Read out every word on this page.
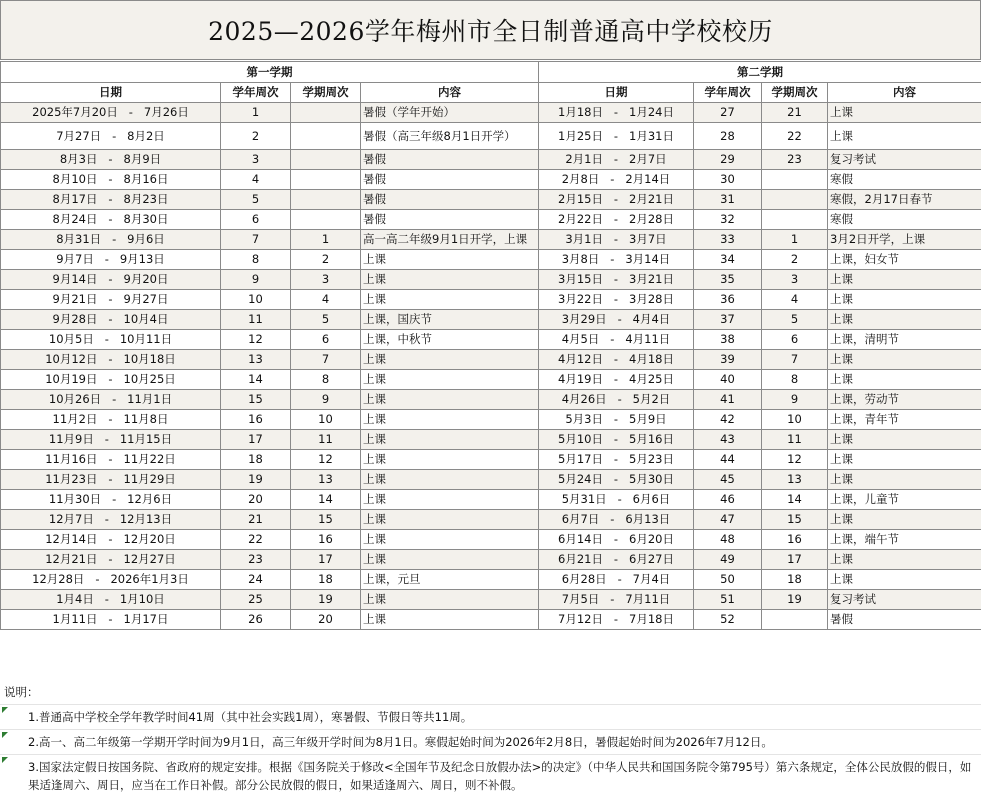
2025—2026学年梅州市全日制普通高中学校校历
第一学期				第二学期			
日期	学年周次	学期周次	内容	日期	学年周次	学期周次	内容
2025年7月20日 - 7月26日	1		暑假（学年开始）	1月18日 - 1月24日	27	21	上课
7月27日 - 8月2日	2		暑假（高三年级8月1日开学）	1月25日 - 1月31日	28	22	上课
8月3日 - 8月9日	3		暑假	2月1日 - 2月7日	29	23	复习考试
8月10日 - 8月16日	4		暑假	2月8日 - 2月14日	30		寒假
8月17日 - 8月23日	5		暑假	2月15日 - 2月21日	31		寒假，2月17日春节
8月24日 - 8月30日	6		暑假	2月22日 - 2月28日	32		寒假
8月31日 - 9月6日	7	1	高一高二年级9月1日开学，上课	3月1日 - 3月7日	33	1	3月2日开学，上课
9月7日 - 9月13日	8	2	上课	3月8日 - 3月14日	34	2	上课，妇女节
9月14日 - 9月20日	9	3	上课	3月15日 - 3月21日	35	3	上课
9月21日 - 9月27日	10	4	上课	3月22日 - 3月28日	36	4	上课
9月28日 - 10月4日	11	5	上课，国庆节	3月29日 - 4月4日	37	5	上课
10月5日 - 10月11日	12	6	上课，中秋节	4月5日 - 4月11日	38	6	上课，清明节
10月12日 - 10月18日	13	7	上课	4月12日 - 4月18日	39	7	上课
10月19日 - 10月25日	14	8	上课	4月19日 - 4月25日	40	8	上课
10月26日 - 11月1日	15	9	上课	4月26日 - 5月2日	41	9	上课，劳动节
11月2日 - 11月8日	16	10	上课	5月3日 - 5月9日	42	10	上课，青年节
11月9日 - 11月15日	17	11	上课	5月10日 - 5月16日	43	11	上课
11月16日 - 11月22日	18	12	上课	5月17日 - 5月23日	44	12	上课
11月23日 - 11月29日	19	13	上课	5月24日 - 5月30日	45	13	上课
11月30日 - 12月6日	20	14	上课	5月31日 - 6月6日	46	14	上课，儿童节
12月7日 - 12月13日	21	15	上课	6月7日 - 6月13日	47	15	上课
12月14日 - 12月20日	22	16	上课	6月14日 - 6月20日	48	16	上课，端午节
12月21日 - 12月27日	23	17	上课	6月21日 - 6月27日	49	17	上课
12月28日 - 2026年1月3日	24	18	上课，元旦	6月28日 - 7月4日	50	18	上课
1月4日 - 1月10日	25	19	上课	7月5日 - 7月11日	51	19	复习考试
1月11日 - 1月17日	26	20	上课	7月12日 - 7月18日	52		暑假
说明：
1.普通高中学校全学年教学时间41周（其中社会实践1周），寒暑假、节假日等共11周。
2.高一、高二年级第一学期开学时间为9月1日，高三年级开学时间为8月1日。寒假起始时间为2026年2月8日，暑假起始时间为2026年7月12日。
3.国家法定假日按国务院、省政府的规定安排。根据《国务院关于修改<全国年节及纪念日放假办法>的决定》（中华人民共和国国务院令第795号）第六条规定，全体公民放假的假日，如果适逢周六、周日，应当在工作日补假。部分公民放假的假日，如果适逢周六、周日，则不补假。
